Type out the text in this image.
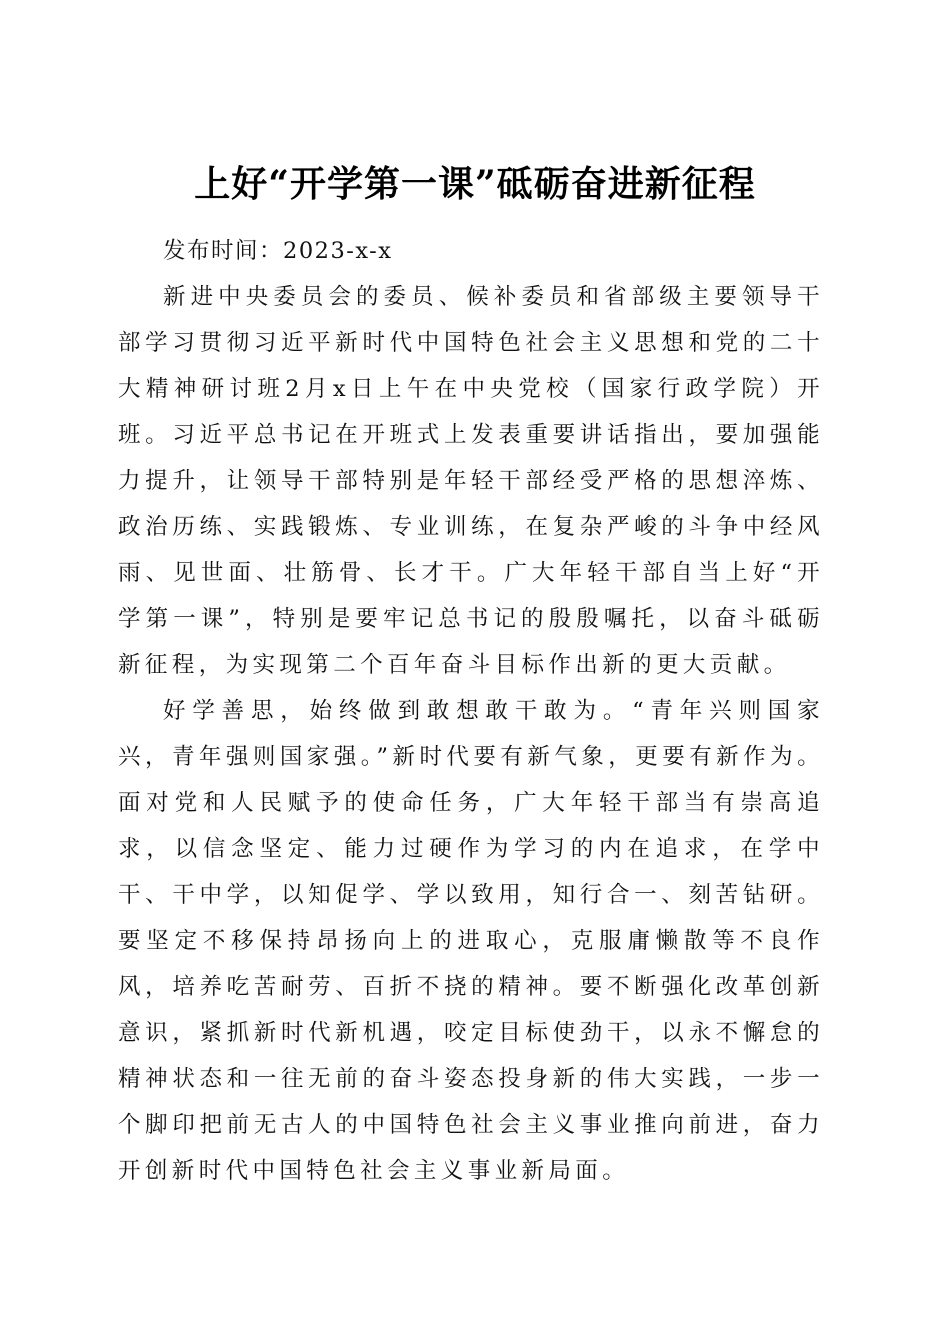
上好“开学第一课”砥砺奋进新征程

发布时间：2023-x-x

新进中央委员会的委员、候补委员和省部级主要领导干部学习贯彻习近平新时代中国特色社会主义思想和党的二十大精神研讨班2月x日上午在中央党校（国家行政学院）开班。习近平总书记在开班式上发表重要讲话指出，要加强能力提升，让领导干部特别是年轻干部经受严格的思想淬炼、政治历练、实践锻炼、专业训练，在复杂严峻的斗争中经风雨、见世面、壮筋骨、长才干。广大年轻干部自当上好“开学第一课”，特别是要牢记总书记的殷殷嘱托，以奋斗砥砺新征程，为实现第二个百年奋斗目标作出新的更大贡献。

好学善思，始终做到敢想敢干敢为。“青年兴则国家兴，青年强则国家强。”新时代要有新气象，更要有新作为。面对党和人民赋予的使命任务，广大年轻干部当有崇高追求，以信念坚定、能力过硬作为学习的内在追求，在学中干、干中学，以知促学、学以致用，知行合一、刻苦钻研。要坚定不移保持昂扬向上的进取心，克服庸懒散等不良作风，培养吃苦耐劳、百折不挠的精神。要不断强化改革创新意识，紧抓新时代新机遇，咬定目标使劲干，以永不懈怠的精神状态和一往无前的奋斗姿态投身新的伟大实践，一步一个脚印把前无古人的中国特色社会主义事业推向前进，奋力开创新时代中国特色社会主义事业新局面。
